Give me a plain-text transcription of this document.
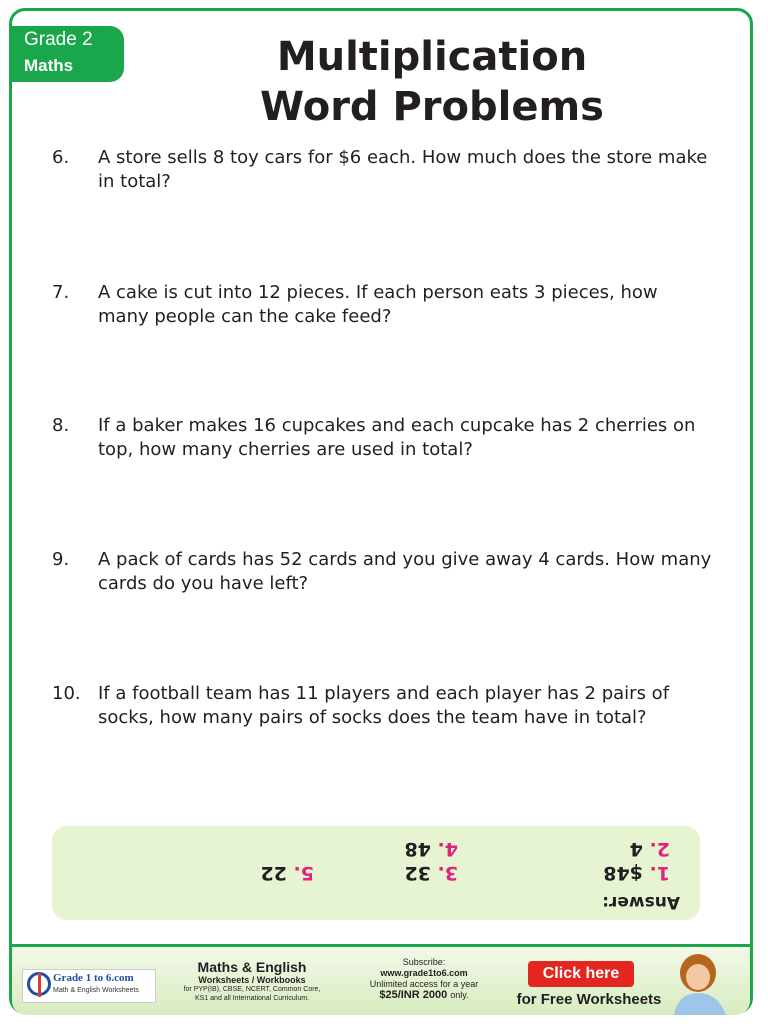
Grade 2
Maths	Multiplication
Word Problems
6. A store sells 8 toy cars for $6 each. How much does the store make in total?
7. A cake is cut into 12 pieces. If each person eats 3 pieces, how many people can the cake feed?
8. If a baker makes 16 cupcakes and each cupcake has 2 cherries on top, how many cherries are used in total?
9. A pack of cards has 52 cards and you give away 4 cards. How many cards do you have left?
10. If a football team has 11 players and each player has 2 pairs of socks, how many pairs of socks does the team have in total?
Answer:
1. $48
2. 4
3. 32
4. 48
5. 22
Grade 1 to 6.com
Math & English Worksheets
Maths & English
Worksheets / Workbooks
for PYP(IB), CBSE, NCERT, Common Core,
KS1 and all International Curriculum.
Subscribe:
www.grade1to6.com
Unlimited access for a year
$25/INR 2000 only.
Click here
for Free Worksheets
